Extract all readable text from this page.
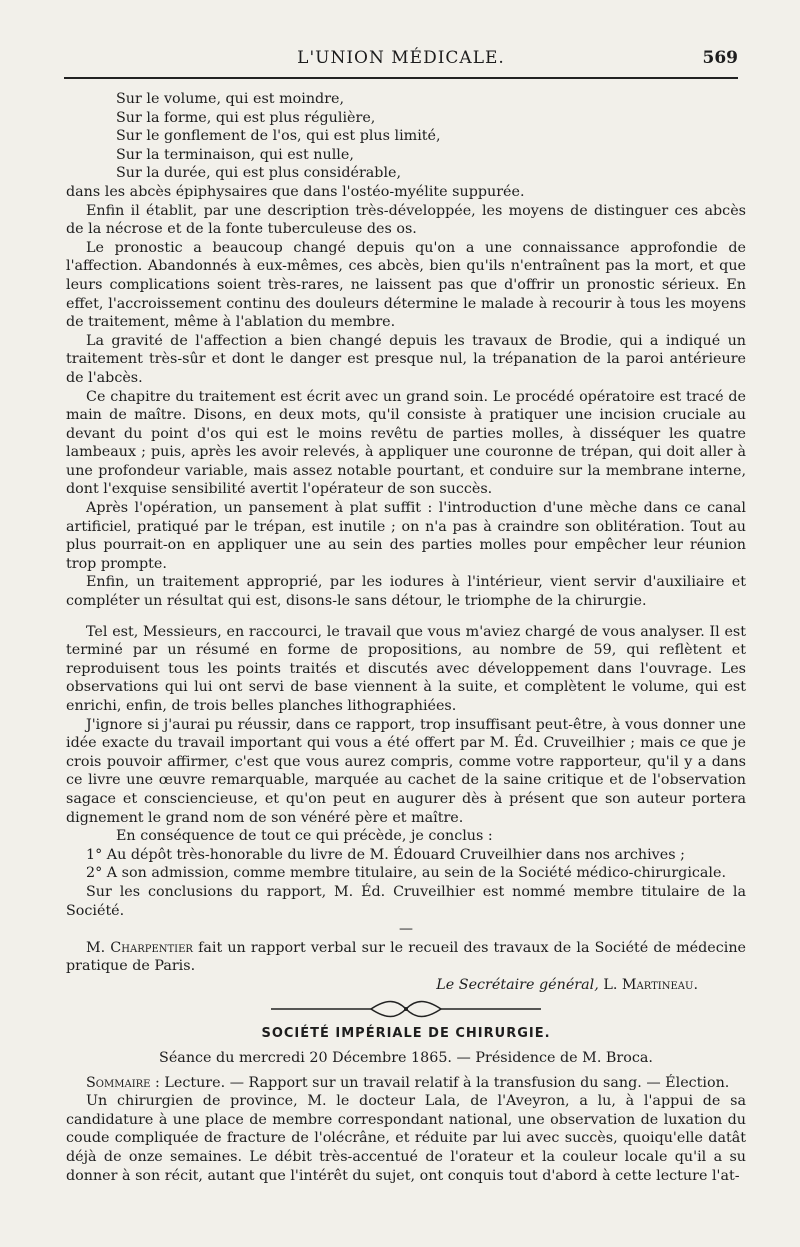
L'UNION MÉDICALE.	569
Sur le volume, qui est moindre,
Sur la forme, qui est plus régulière,
Sur le gonflement de l'os, qui est plus limité,
Sur la terminaison, qui est nulle,
Sur la durée, qui est plus considérable,
dans les abcès épiphysaires que dans l'ostéo-myélite suppurée.

Enfin il établit, par une description très-développée, les moyens de distinguer ces abcès de la nécrose et de la fonte tuberculeuse des os.

Le pronostic a beaucoup changé depuis qu'on a une connaissance approfondie de l'affection. Abandonnés à eux-mêmes, ces abcès, bien qu'ils n'entraînent pas la mort, et que leurs complications soient très-rares, ne laissent pas que d'offrir un pronostic sérieux. En effet, l'accroissement continu des douleurs détermine le malade à recourir à tous les moyens de traitement, même à l'ablation du membre.

La gravité de l'affection a bien changé depuis les travaux de Brodie, qui a indiqué un traitement très-sûr et dont le danger est presque nul, la trépanation de la paroi antérieure de l'abcès.

Ce chapitre du traitement est écrit avec un grand soin. Le procédé opératoire est tracé de main de maître. Disons, en deux mots, qu'il consiste à pratiquer une incision cruciale au devant du point d'os qui est le moins revêtu de parties molles, à disséquer les quatre lambeaux ; puis, après les avoir relevés, à appliquer une couronne de trépan, qui doit aller à une profondeur variable, mais assez notable pourtant, et conduire sur la membrane interne, dont l'exquise sensibilité avertit l'opérateur de son succès.

Après l'opération, un pansement à plat suffit : l'introduction d'une mèche dans ce canal artificiel, pratiqué par le trépan, est inutile ; on n'a pas à craindre son oblitération. Tout au plus pourrait-on en appliquer une au sein des parties molles pour empêcher leur réunion trop prompte.

Enfin, un traitement approprié, par les iodures à l'intérieur, vient servir d'auxiliaire et compléter un résultat qui est, disons-le sans détour, le triomphe de la chirurgie.

Tel est, Messieurs, en raccourci, le travail que vous m'aviez chargé de vous analyser. Il est terminé par un résumé en forme de propositions, au nombre de 59, qui reflètent et reproduisent tous les points traités et discutés avec développement dans l'ouvrage. Les observations qui lui ont servi de base viennent à la suite, et complètent le volume, qui est enrichi, enfin, de trois belles planches lithographiées.

J'ignore si j'aurai pu réussir, dans ce rapport, trop insuffisant peut-être, à vous donner une idée exacte du travail important qui vous a été offert par M. Éd. Cruveilhier ; mais ce que je crois pouvoir affirmer, c'est que vous aurez compris, comme votre rapporteur, qu'il y a dans ce livre une œuvre remarquable, marquée au cachet de la saine critique et de l'observation sagace et consciencieuse, et qu'on peut en augurer dès à présent que son auteur portera dignement le grand nom de son vénéré père et maître.

En conséquence de tout ce qui précède, je conclus :

1° Au dépôt très-honorable du livre de M. Édouard Cruveilhier dans nos archives ;

2° A son admission, comme membre titulaire, au sein de la Société médico-chirurgicale.

Sur les conclusions du rapport, M. Éd. Cruveilhier est nommé membre titulaire de la Société.

—

M. Charpentier fait un rapport verbal sur le recueil des travaux de la Société de médecine pratique de Paris.

Le Secrétaire général, L. Martineau.
SOCIÉTÉ IMPÉRIALE DE CHIRURGIE.
Séance du mercredi 20 Décembre 1865. — Présidence de M. Broca.

Sommaire : Lecture. — Rapport sur un travail relatif à la transfusion du sang. — Élection.

Un chirurgien de province, M. le docteur Lala, de l'Aveyron, a lu, à l'appui de sa candidature à une place de membre correspondant national, une observation de luxation du coude compliquée de fracture de l'olécrâne, et réduite par lui avec succès, quoiqu'elle datât déjà de onze semaines. Le débit très-accentué de l'orateur et la couleur locale qu'il a su donner à son récit, autant que l'intérêt du sujet, ont conquis tout d'abord à cette lecture l'at-
